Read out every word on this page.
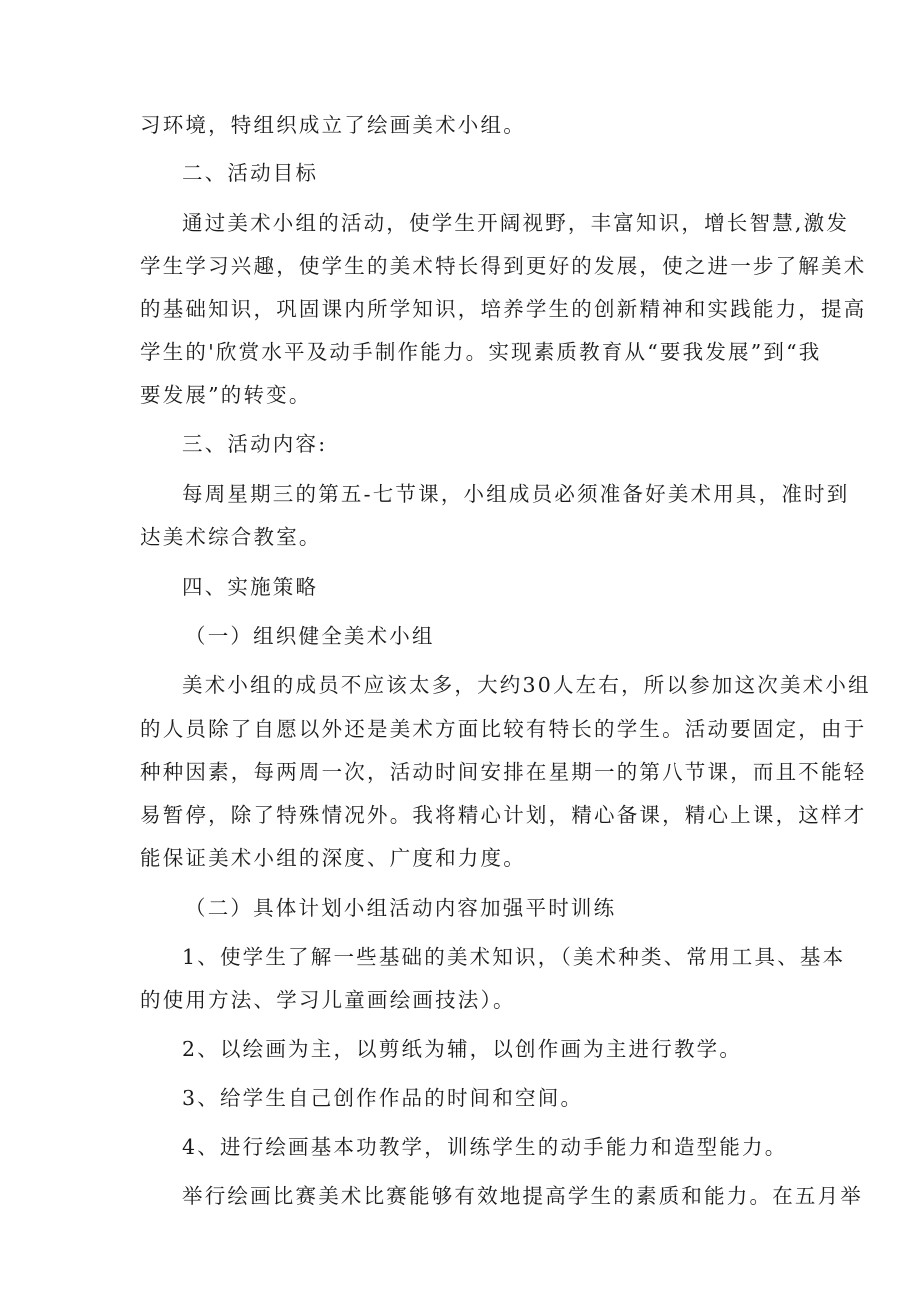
习环境，特组织成立了绘画美术小组。
二、活动目标
通过美术小组的活动，使学生开阔视野，丰富知识，增长智慧,激发
学生学习兴趣，使学生的美术特长得到更好的发展，使之进一步了解美术
的基础知识，巩固课内所学知识，培养学生的创新精神和实践能力，提高
学生的'欣赏水平及动手制作能力。实现素质教育从“要我发展”到“我
要发展”的转变。
三、活动内容:
每周星期三的第五-七节课，小组成员必须准备好美术用具，准时到
达美术综合教室。
四、实施策略
（一）组织健全美术小组
美术小组的成员不应该太多，大约30人左右，所以参加这次美术小组
的人员除了自愿以外还是美术方面比较有特长的学生。活动要固定，由于
种种因素，每两周一次，活动时间安排在星期一的第八节课，而且不能轻
易暂停，除了特殊情况外。我将精心计划，精心备课，精心上课，这样才
能保证美术小组的深度、广度和力度。
（二）具体计划小组活动内容加强平时训练
1、使学生了解一些基础的美术知识，（美术种类、常用工具、基本
的使用方法、学习儿童画绘画技法）。
2、以绘画为主，以剪纸为辅，以创作画为主进行教学。
3、给学生自己创作作品的时间和空间。
4、进行绘画基本功教学，训练学生的动手能力和造型能力。
举行绘画比赛美术比赛能够有效地提高学生的素质和能力。在五月举
